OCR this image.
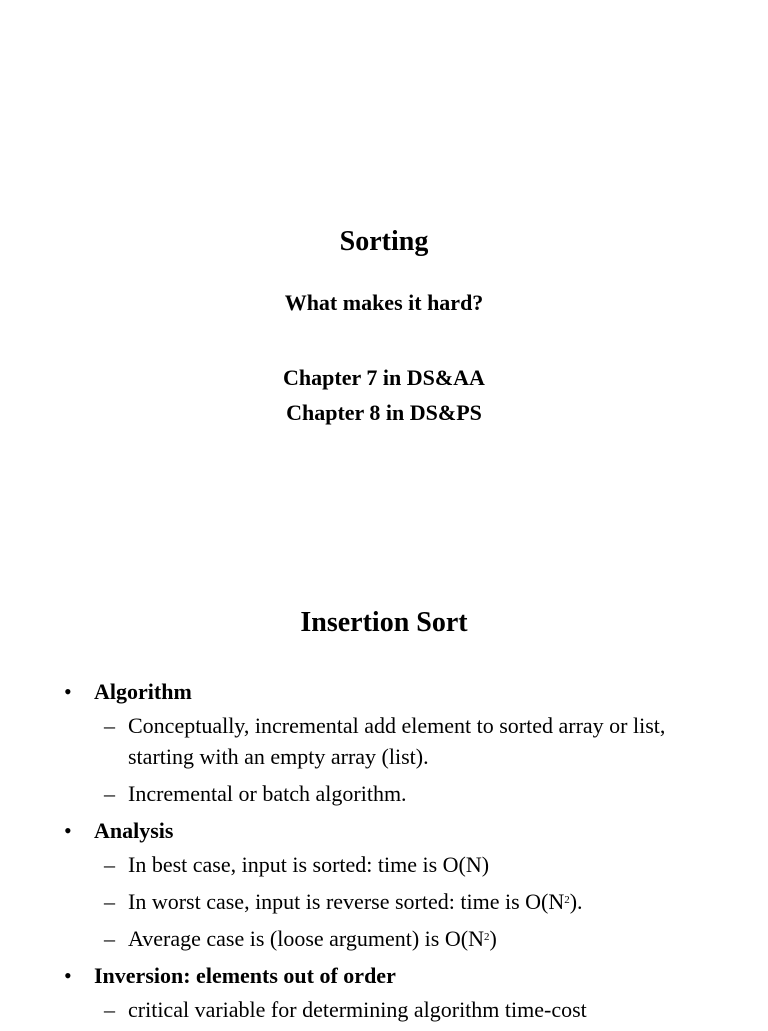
Sorting

What makes it hard?

Chapter 7 in DS&AA

Chapter 8 in DS&PS

Insertion Sort
• Algorithm
– Conceptually, incremental add element to sorted array or list, starting with an empty array (list).
– Incremental or batch algorithm.
• Analysis
– In best case, input is sorted: time is O(N)
– In worst case, input is reverse sorted: time is $O(N^2)$.
– Average case is (loose argument) is $O(N^2)$
• Inversion: elements out of order
– critical variable for determining algorithm time-cost
